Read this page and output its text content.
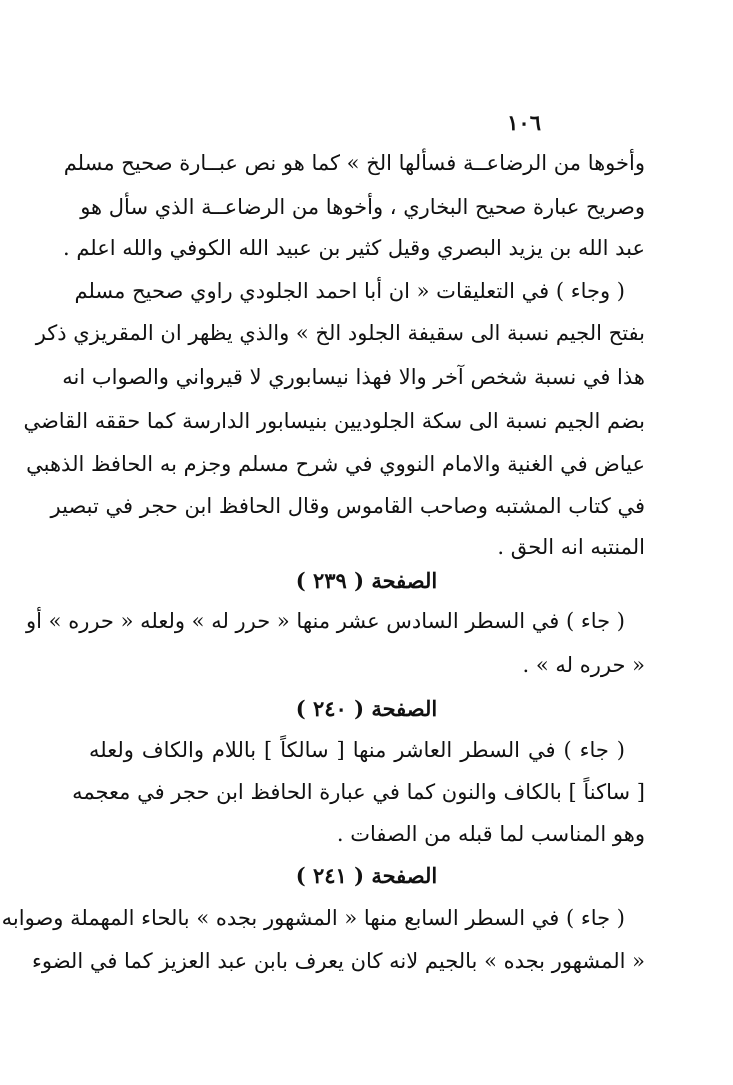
١٠٦
وأخوها من الرضاعــة فسألها الخ » كما هو نص عبــارة صحيح مسلم
وصريح عبارة صحيح البخاري ، وأخوها من الرضاعــة الذي سأل هو
عبد الله بن يزيد البصري وقيل كثير بن عبيد الله الكوفي والله اعلم .
( وجاء ) في التعليقات « ان أبا احمد الجلودي راوي صحيح مسلم
بفتح الجيم نسبة الى سقيفة الجلود الخ » والذي يظهر ان المقريزي ذكر
هذا في نسبة شخص آخر والا فهذا نيسابوري لا قيرواني والصواب انه
بضم الجيم نسبة الى سكة الجلوديين بنيسابور الدارسة كما حققه القاضي
عياض في الغنية والامام النووي في شرح مسلم وجزم به الحافظ الذهبي
في كتاب المشتبه وصاحب القاموس وقال الحافظ ابن حجر في تبصير
المنتبه انه الحق .
الصفحة ( ٢٣٩ )
( جاء ) في السطر السادس عشر منها « حرر له » ولعله « حرره » أو
« حرره له » .
الصفحة ( ٢٤٠ )
( جاء ) في السطر العاشر منها [ سالكاً ] باللام والكاف ولعله
[ ساكناً ] بالكاف والنون كما في عبارة الحافظ ابن حجر في معجمه
وهو المناسب لما قبله من الصفات .
الصفحة ( ٢٤١ )
( جاء ) في السطر السابع منها « المشهور بجده » بالحاء المهملة وصوابه
« المشهور بجده » بالجيم لانه كان يعرف بابن عبد العزيز كما في الضوء
